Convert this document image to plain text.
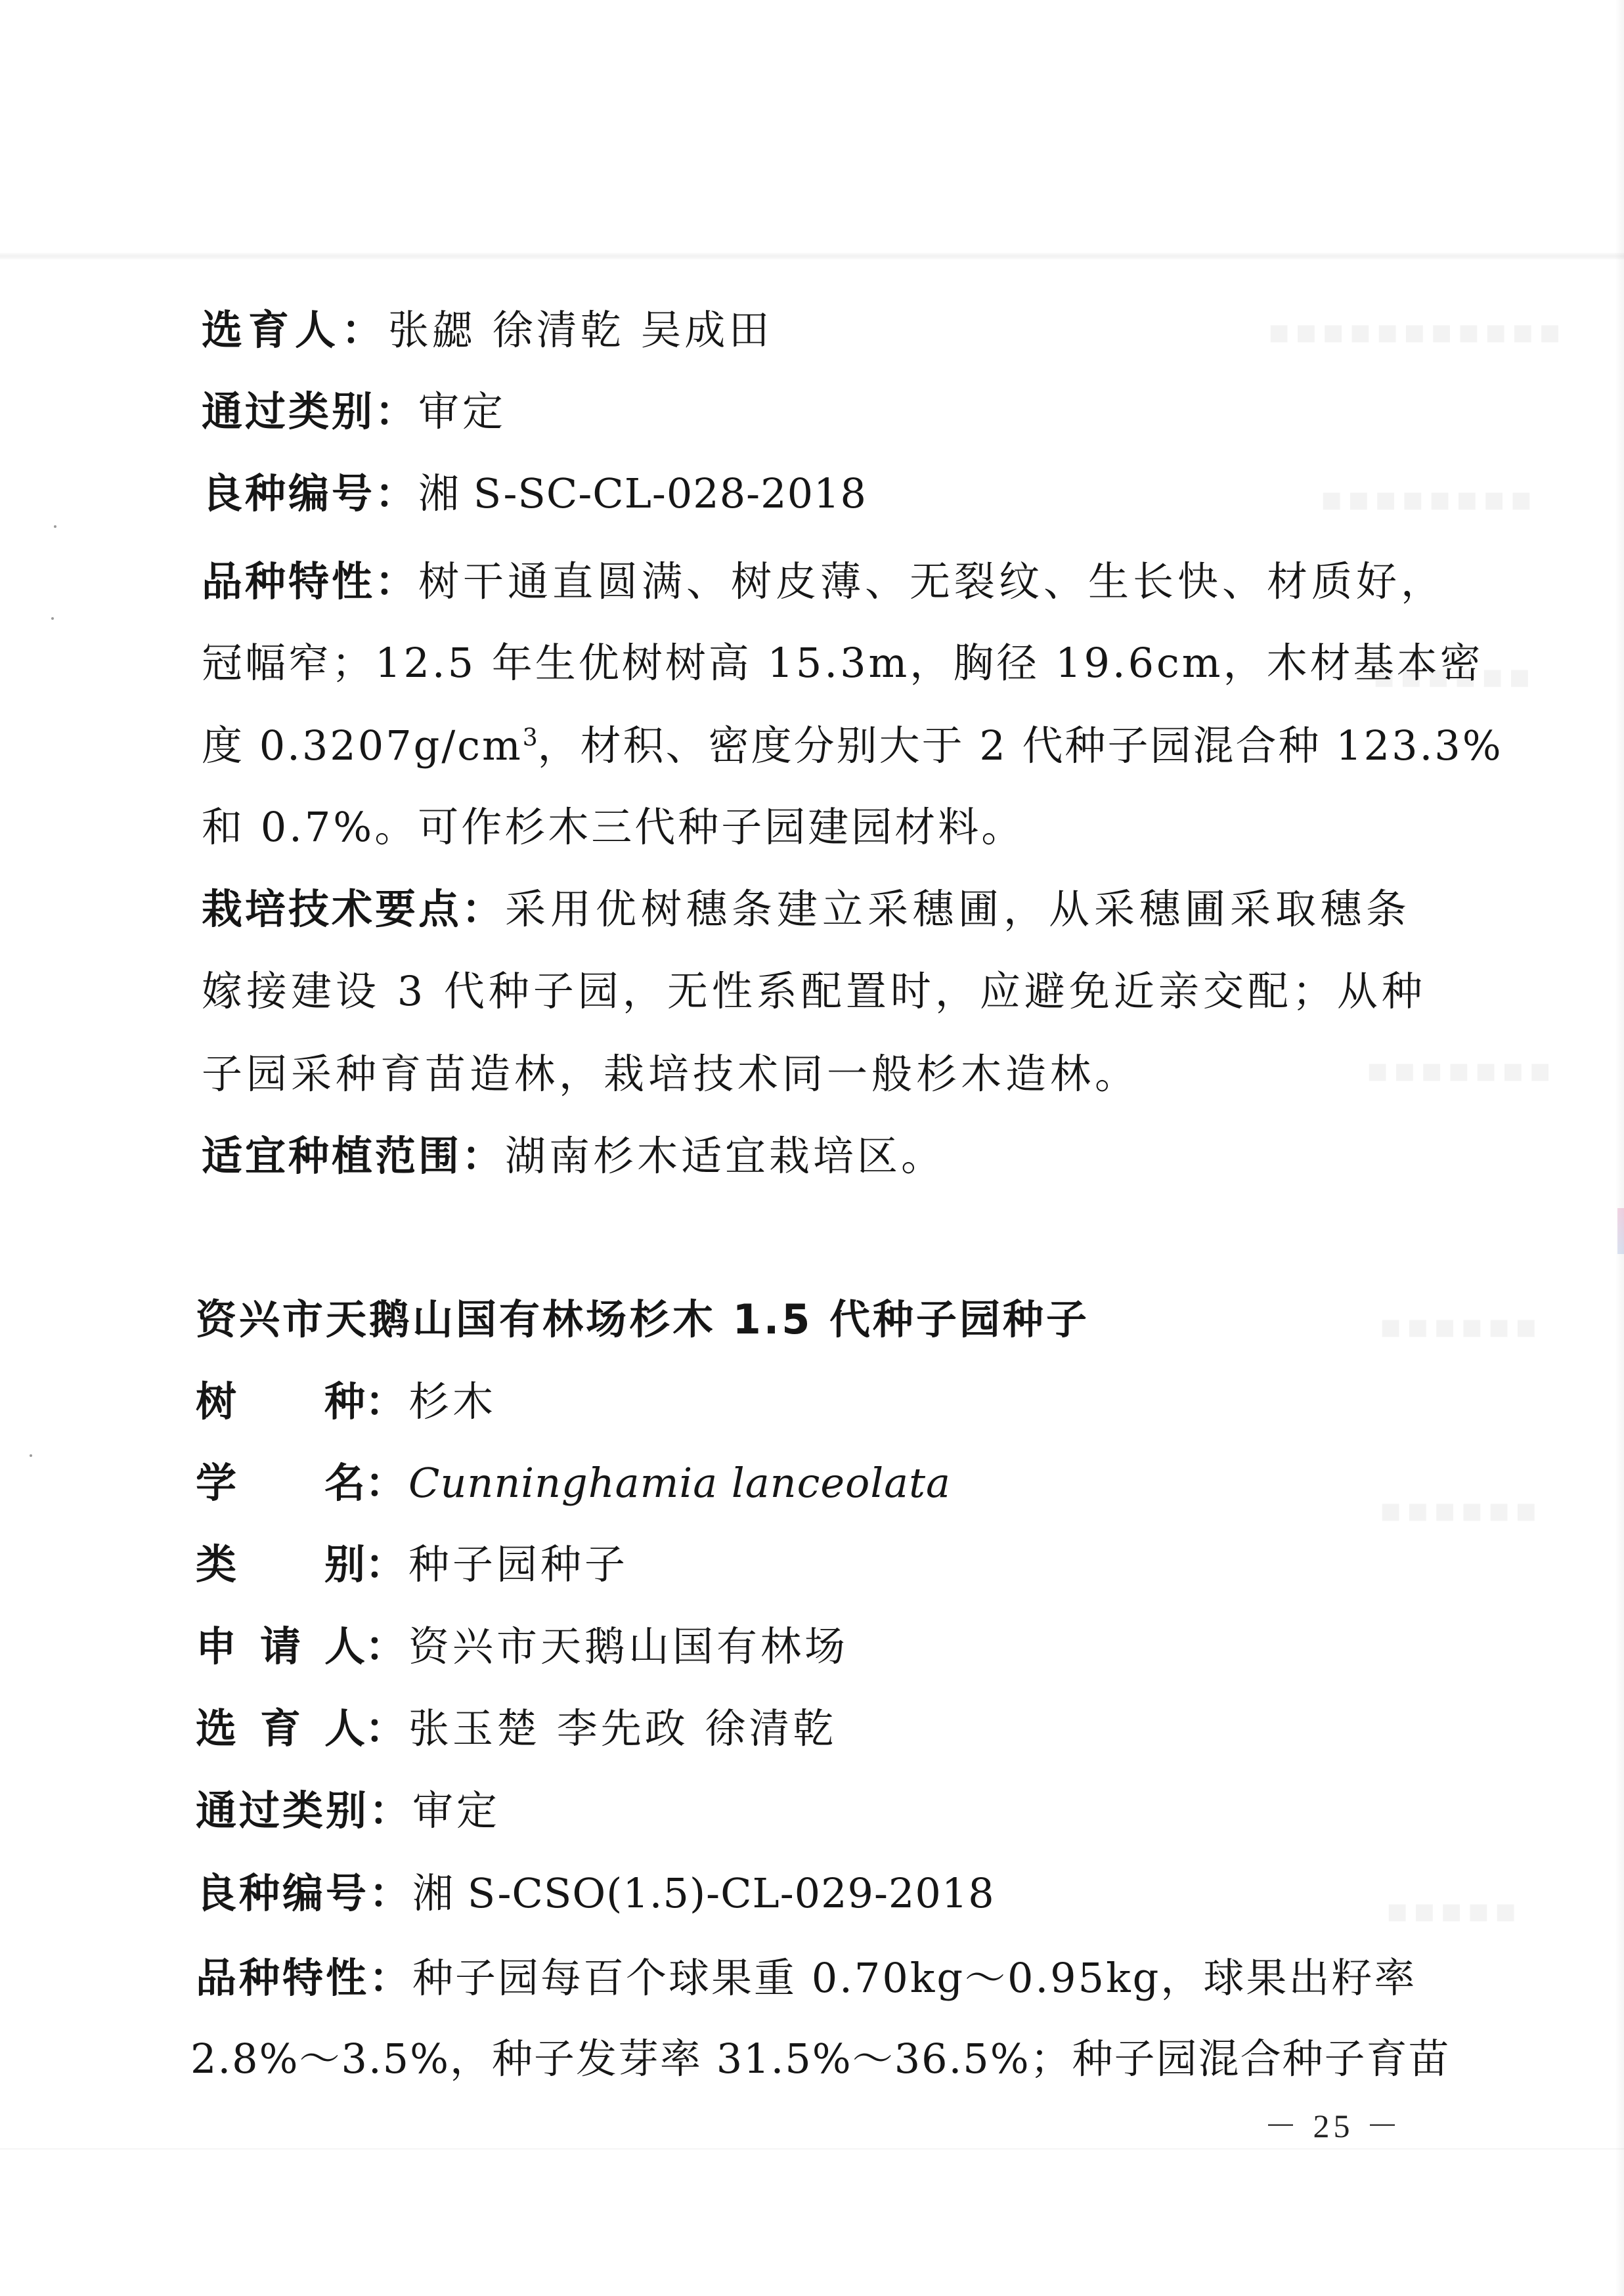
选育人：张勰 徐清乾 吴成田
通过类别：审定
良种编号：湘 S-SC-CL-028-2018
品种特性：树干通直圆满、树皮薄、无裂纹、生长快、材质好，
冠幅窄；12.5 年生优树树高 15.3m，胸径 19.6cm，木材基本密
度 $0.3207g/cm^3$，材积、密度分别大于 2 代种子园混合种 123.3%
和 0.7%。可作杉木三代种子园建园材料。
栽培技术要点：采用优树穗条建立采穗圃，从采穗圃采取穗条
嫁接建设 3 代种子园，无性系配置时，应避免近亲交配；从种
子园采种育苗造林，栽培技术同一般杉木造林。
适宜种植范围：湖南杉木适宜栽培区。
资兴市天鹅山国有林场杉木 1.5 代种子园种子
树种：杉木
学名：Cunninghamia lanceolata
类别：种子园种子
申请人：资兴市天鹅山国有林场
选育人：张玉楚 李先政 徐清乾
通过类别：审定
良种编号：湘 S-CSO(1.5)-CL-029-2018
品种特性：种子园每百个球果重 0.70kg～0.95kg，球果出籽率
2.8%～3.5%，种子发芽率 31.5%～36.5%；种子园混合种子育苗
－ 25 －
